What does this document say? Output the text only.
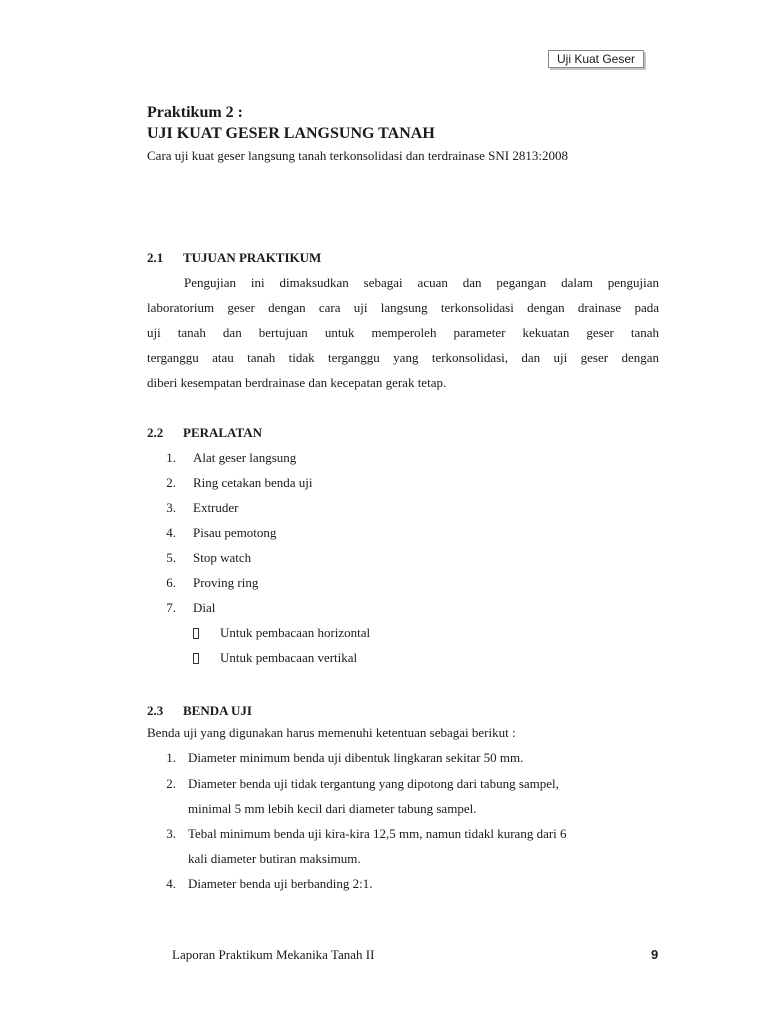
Uji Kuat Geser
Praktikum 2 :
UJI KUAT GESER LANGSUNG TANAH
Cara uji kuat geser langsung tanah terkonsolidasi dan terdrainase SNI 2813:2008
2.1 TUJUAN PRAKTIKUM
Pengujian ini dimaksudkan sebagai acuan dan pegangan dalam pengujian
laboratorium geser dengan cara uji langsung terkonsolidasi dengan drainase pada
uji tanah dan bertujuan untuk memperoleh parameter kekuatan geser tanah
terganggu atau tanah tidak terganggu yang terkonsolidasi, dan uji geser dengan
diberi kesempatan berdrainase dan kecepatan gerak tetap.
2.2 PERALATAN
1. Alat geser langsung
2. Ring cetakan benda uji
3. Extruder
4. Pisau pemotong
5. Stop watch
6. Proving ring
7. Dial
Untuk pembacaan horizontal
Untuk pembacaan vertikal
2.3 BENDA UJI
Benda uji yang digunakan harus memenuhi ketentuan sebagai berikut :
1. Diameter minimum benda uji dibentuk lingkaran sekitar 50 mm.
2. Diameter benda uji tidak tergantung yang dipotong dari tabung sampel,
minimal 5 mm lebih kecil dari diameter tabung sampel.
3. Tebal minimum benda uji kira-kira 12,5 mm, namun tidakl kurang dari 6
kali diameter butiran maksimum.
4. Diameter benda uji berbanding 2:1.
Laporan Praktikum Mekanika Tanah II	9
